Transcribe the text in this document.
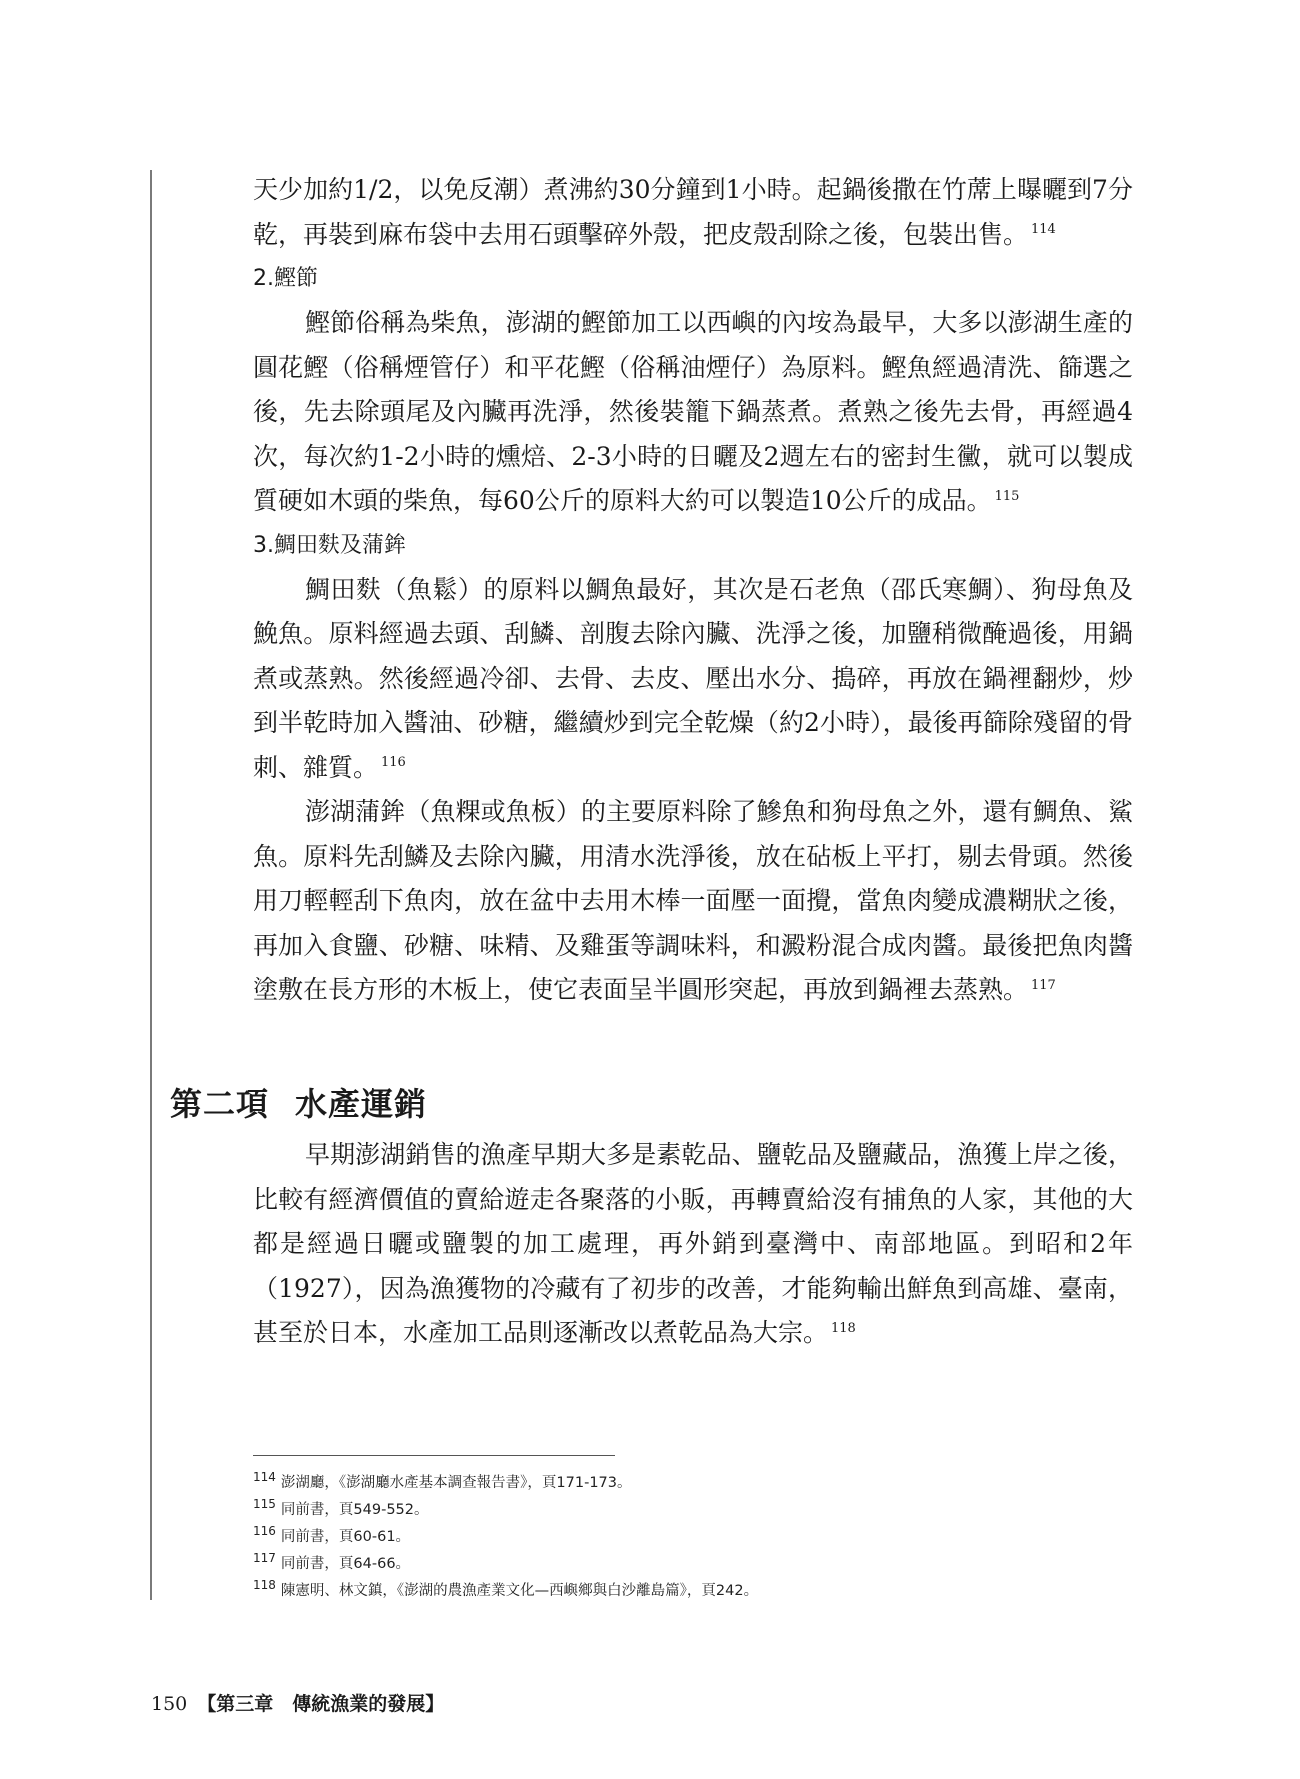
天少加約1/2，以免反潮）煮沸約30分鐘到1小時。起鍋後撒在竹蓆上曝曬到7分乾，再裝到麻布袋中去用石頭擊碎外殼，把皮殼刮除之後，包裝出售。 $^{114}$

2.鰹節

鰹節俗稱為柴魚，澎湖的鰹節加工以西嶼的內垵為最早，大多以澎湖生產的圓花鰹（俗稱煙管仔）和平花鰹（俗稱油煙仔）為原料。鰹魚經過清洗、篩選之後，先去除頭尾及內臟再洗淨，然後裝籠下鍋蒸煮。煮熟之後先去骨，再經過4次，每次約1-2小時的燻焙、2-3小時的日曬及2週左右的密封生黴，就可以製成質硬如木頭的柴魚，每60公斤的原料大約可以製造10公斤的成品。 $^{115}$

3.鯛田麩及蒲鉾

鯛田麩（魚鬆）的原料以鯛魚最好，其次是石老魚（邵氏寒鯛）、狗母魚及鮸魚。原料經過去頭、刮鱗、剖腹去除內臟、洗淨之後，加鹽稍微醃過後，用鍋煮或蒸熟。然後經過冷卻、去骨、去皮、壓出水分、搗碎，再放在鍋裡翻炒，炒到半乾時加入醬油、砂糖，繼續炒到完全乾燥（約2小時），最後再篩除殘留的骨刺、雜質。 $^{116}$

澎湖蒲鉾（魚粿或魚板）的主要原料除了鰺魚和狗母魚之外，還有鯛魚、鯊魚。原料先刮鱗及去除內臟，用清水洗淨後，放在砧板上平打，剔去骨頭。然後用刀輕輕刮下魚肉，放在盆中去用木棒一面壓一面攪，當魚肉變成濃糊狀之後，再加入食鹽、砂糖、味精、及雞蛋等調味料，和澱粉混合成肉醬。最後把魚肉醬塗敷在長方形的木板上，使它表面呈半圓形突起，再放到鍋裡去蒸熟。 $^{117}$

第二項 水產運銷

早期澎湖銷售的漁產早期大多是素乾品、鹽乾品及鹽藏品，漁獲上岸之後，比較有經濟價值的賣給遊走各聚落的小販，再轉賣給沒有捕魚的人家，其他的大都是經過日曬或鹽製的加工處理，再外銷到臺灣中、南部地區。到昭和2年（1927），因為漁獲物的冷藏有了初步的改善，才能夠輸出鮮魚到高雄、臺南，甚至於日本，水產加工品則逐漸改以煮乾品為大宗。 $^{118}$

$^{114}$ 澎湖廳，《澎湖廳水產基本調查報告書》，頁171-173。

$^{115}$ 同前書，頁549-552。

$^{116}$ 同前書，頁60-61。

$^{117}$ 同前書，頁64-66。

$^{118}$ 陳憲明、林文鎮，《澎湖的農漁產業文化—西嶼鄉與白沙離島篇》，頁242。

150 【第三章　傳統漁業的發展】
